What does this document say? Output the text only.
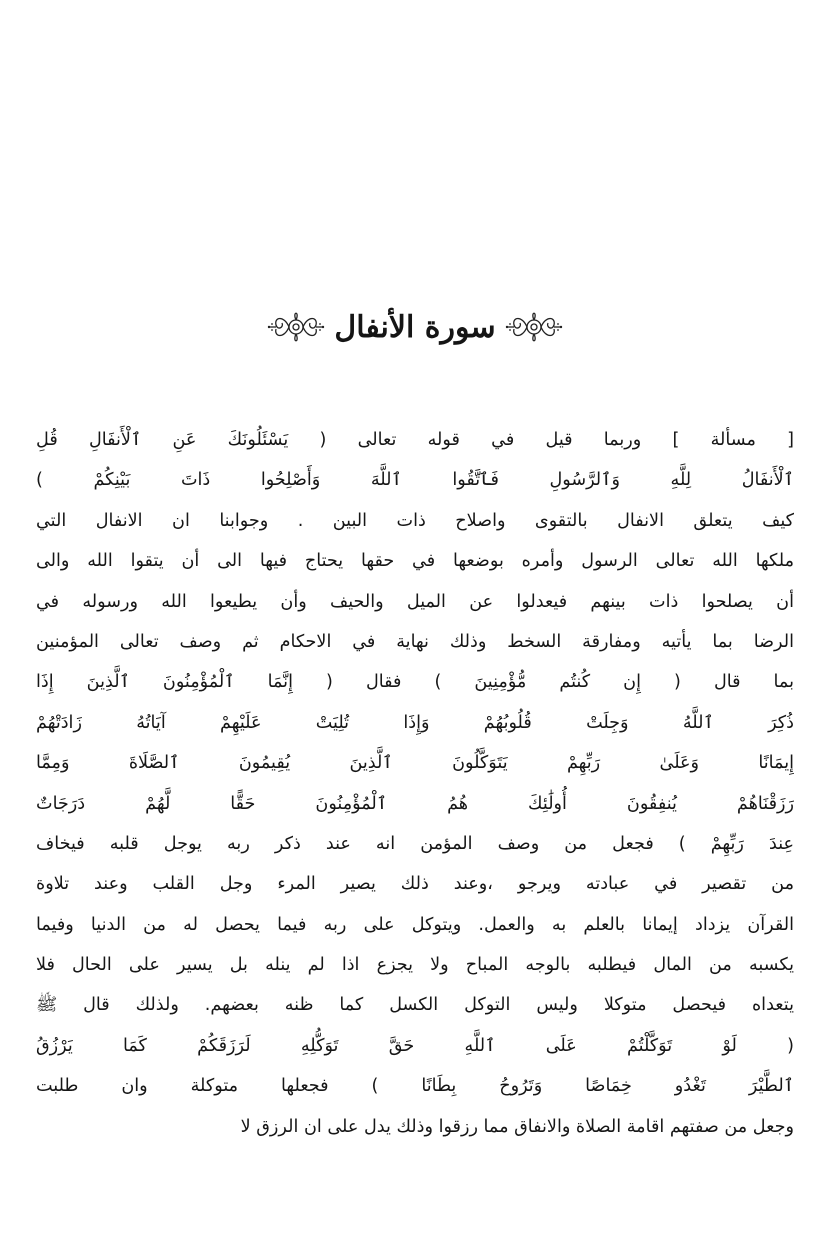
سورة الأنفال
[ مسألة ] وربما قيل في قوله تعالى ( يَسْئَلُونَكَ عَنِ ٱلْأَنفَالِ قُلِ
ٱلْأَنفَالُ لِلَّهِ وَٱلرَّسُولِ فَٱتَّقُوا ٱللَّهَ وَأَصْلِحُوا ذَاتَ بَيْنِكُمْ )
كيف يتعلق الانفال بالتقوى واصلاح ذات البين . وجوابنا ان الانفال التي
ملكها الله تعالى الرسول وأمره بوضعها في حقها يحتاج فيها الى أن يتقوا الله والى
أن يصلحوا ذات بينهم فيعدلوا عن الميل والحيف وأن يطيعوا الله ورسوله في
الرضا بما يأتيه ومفارقة السخط وذلك نهاية في الاحكام ثم وصف تعالى المؤمنين
بما قال ( إِن كُنتُم مُّؤْمِنِينَ ) فقال ( إِنَّمَا ٱلْمُؤْمِنُونَ ٱلَّذِينَ إِذَا
ذُكِرَ ٱللَّهُ وَجِلَتْ قُلُوبُهُمْ وَإِذَا تُلِيَتْ عَلَيْهِمْ آيَاتُهُ زَادَتْهُمْ
إِيمَانًا وَعَلَىٰ رَبِّهِمْ يَتَوَكَّلُونَ ٱلَّذِينَ يُقِيمُونَ ٱلصَّلَاةَ وَمِمَّا
رَزَقْنَاهُمْ يُنفِقُونَ أُولَٰئِكَ هُمُ ٱلْمُؤْمِنُونَ حَقًّا لَّهُمْ دَرَجَاتٌ
عِندَ رَبِّهِمْ ) فجعل من وصف المؤمن انه عند ذكر ربه يوجل قلبه فيخاف
من تقصير في عبادته ويرجو ،وعند ذلك يصير المرء وجل القلب وعند تلاوة
القرآن يزداد إيمانا بالعلم به والعمل. ويتوكل على ربه فيما يحصل له من الدنيا وفيما
يكسبه من المال فيطلبه بالوجه المباح ولا يجزع اذا لم ينله بل يسير على الحال فلا
يتعداه فيحصل متوكلا وليس التوكل الكسل كما ظنه بعضهم. ولذلك قال ﷺ
( لَوْ تَوَكَّلْتُمْ عَلَى ٱللَّهِ حَقَّ تَوَكُّلِهِ لَرَزَقَكُمْ كَمَا يَرْزُقُ
ٱلطَّيْرَ تَغْدُو خِمَاصًا وَتَرُوحُ بِطَانًا ) فجعلها متوكلة وان طلبت
وجعل من صفتهم اقامة الصلاة والانفاق مما رزقوا وذلك يدل على ان الرزق لا
